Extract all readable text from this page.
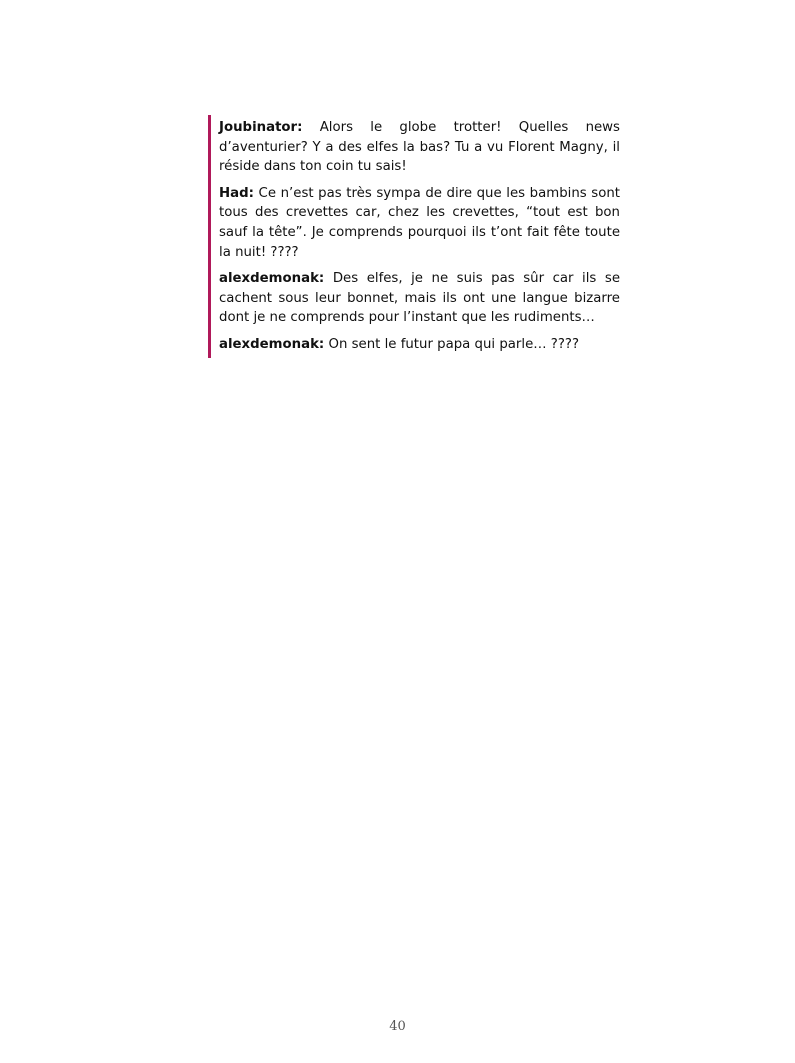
Joubinator: Alors le globe trotter! Quelles news d’aventurier? Y a des elfes la bas? Tu a vu Florent Magny, il réside dans ton coin tu sais!

Had: Ce n’est pas très sympa de dire que les bambins sont tous des crevettes car, chez les crevettes, “tout est bon sauf la tête”. Je comprends pourquoi ils t’ont fait fête toute la nuit! ????

alexdemonak: Des elfes, je ne suis pas sûr car ils se cachent sous leur bonnet, mais ils ont une langue bizarre dont je ne comprends pour l’instant que les rudiments…

alexdemonak: On sent le futur papa qui parle… ????

40
